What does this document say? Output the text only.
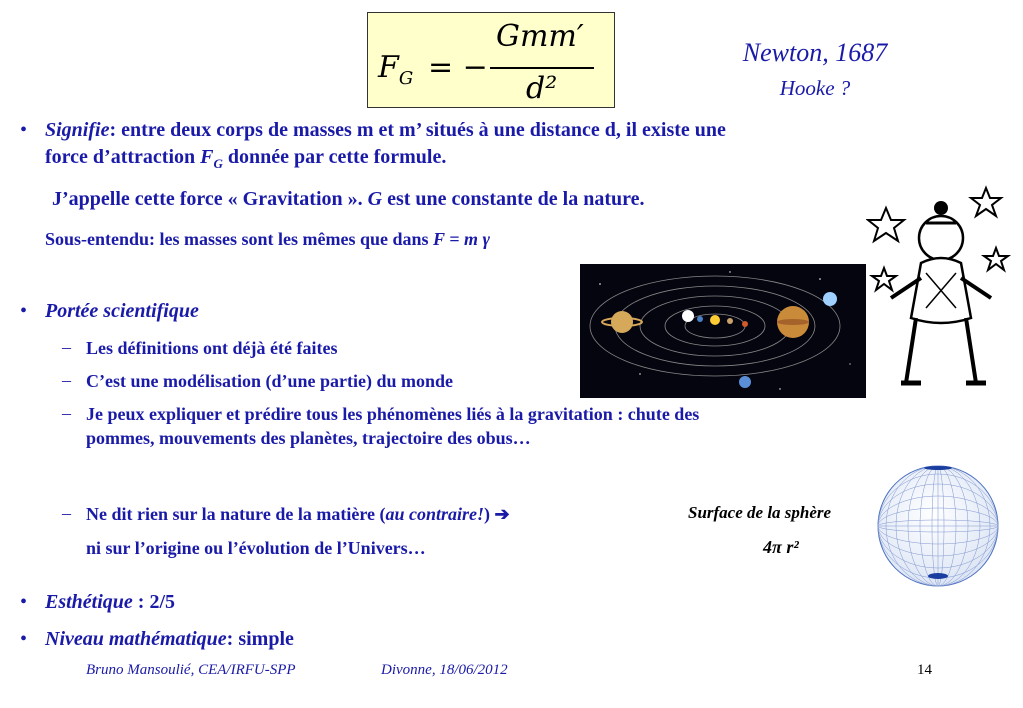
$F_G$ = −
Gmm′
d²
Newton, 1687
Hooke ?
• Signifie: entre deux corps de masses m et m’ situés à une distance d, il existe une
force d’attraction $F_G$ donnée par cette formule.
J’appelle cette force « Gravitation ». G est une constante de la nature.
Sous-entendu: les masses sont les mêmes que dans F = m γ
• Portée scientifique
– Les définitions ont déjà été faites
– C’est une modélisation (d’une partie) du monde
– Je peux expliquer et prédire tous les phénomènes liés à la gravitation : chute des
pommes, mouvements des planètes, trajectoire des obus…
– Ne dit rien sur la nature de la matière (au contraire!) ➔
ni sur l’origine ou l’évolution de l’Univers…
Surface de la sphère
4π r²
• Esthétique : 2/5
• Niveau mathématique: simple
Bruno Mansoulié, CEA/IRFU-SPP	Divonne, 18/06/2012	14
